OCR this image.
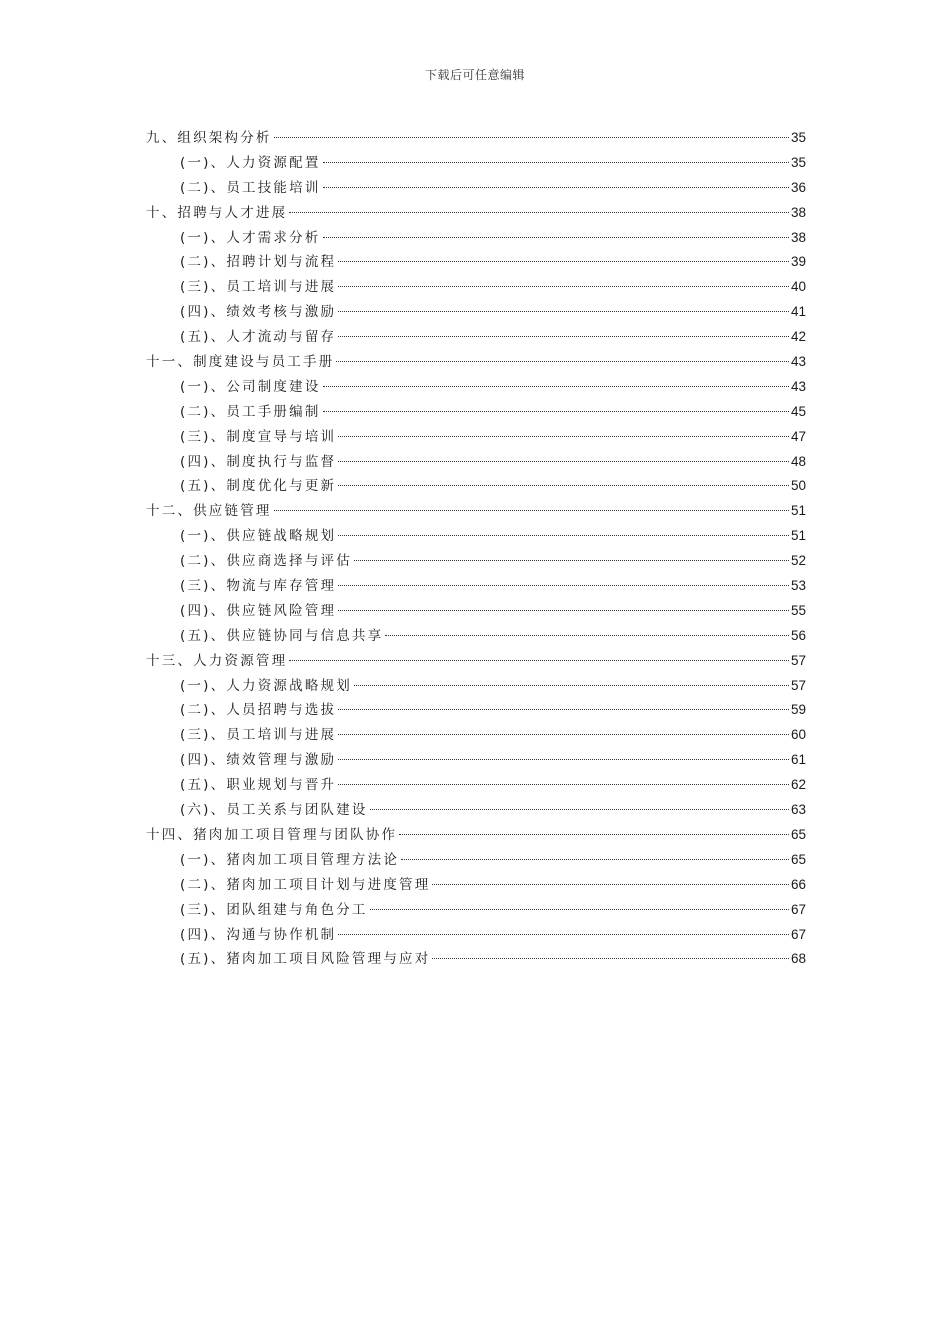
下载后可任意编辑
九、组织架构分析	35
(一)、人力资源配置	35
(二)、员工技能培训	36
十、招聘与人才进展	38
(一)、人才需求分析	38
(二)、招聘计划与流程	39
(三)、员工培训与进展	40
(四)、绩效考核与激励	41
(五)、人才流动与留存	42
十一、制度建设与员工手册	43
(一)、公司制度建设	43
(二)、员工手册编制	45
(三)、制度宣导与培训	47
(四)、制度执行与监督	48
(五)、制度优化与更新	50
十二、供应链管理	51
(一)、供应链战略规划	51
(二)、供应商选择与评估	52
(三)、物流与库存管理	53
(四)、供应链风险管理	55
(五)、供应链协同与信息共享	56
十三、人力资源管理	57
(一)、人力资源战略规划	57
(二)、人员招聘与选拔	59
(三)、员工培训与进展	60
(四)、绩效管理与激励	61
(五)、职业规划与晋升	62
(六)、员工关系与团队建设	63
十四、猪肉加工项目管理与团队协作	65
(一)、猪肉加工项目管理方法论	65
(二)、猪肉加工项目计划与进度管理	66
(三)、团队组建与角色分工	67
(四)、沟通与协作机制	67
(五)、猪肉加工项目风险管理与应对	68
